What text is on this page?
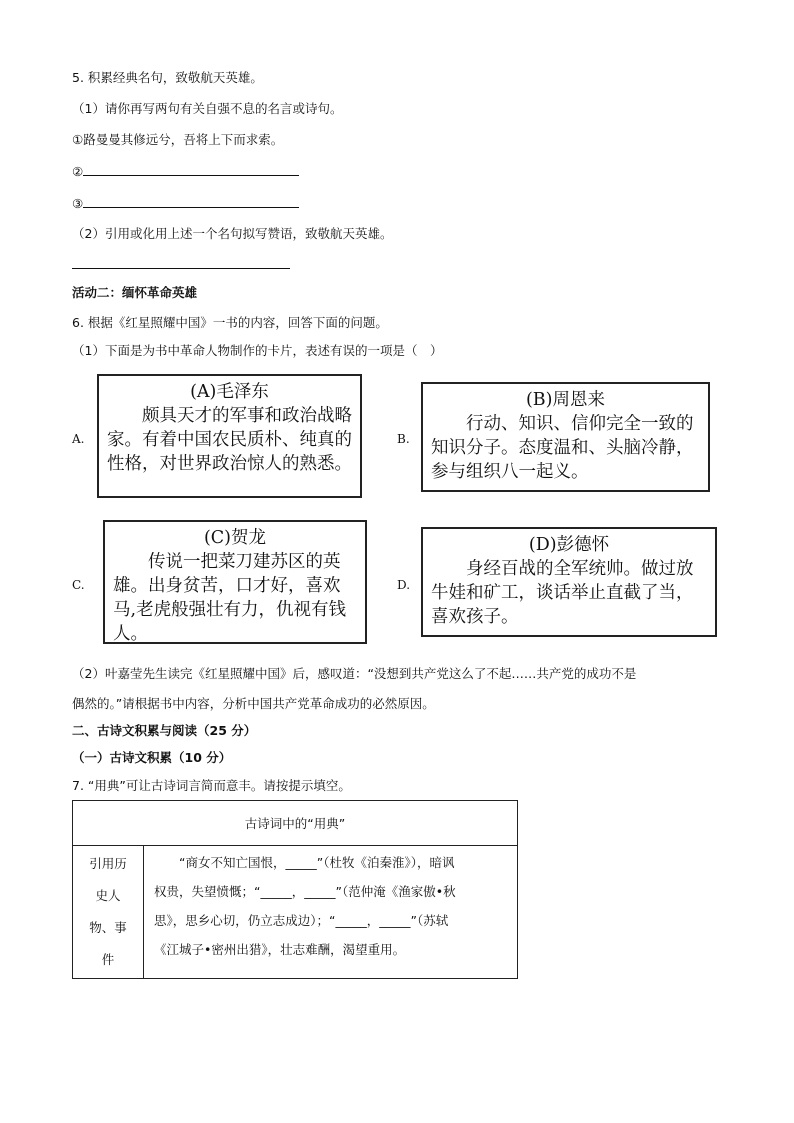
5. 积累经典名句，致敬航天英雄。
（1）请你再写两句有关自强不息的名言或诗句。
①路曼曼其修远兮，吾将上下而求索。
②
③
（2）引用或化用上述一个名句拟写赞语，致敬航天英雄。
活动二：缅怀革命英雄
6. 根据《红星照耀中国》一书的内容，回答下面的问题。
（1）下面是为书中革命人物制作的卡片，表述有误的一项是（　）
A.
(A)毛泽东
颇具天才的军事和政治战略家。有着中国农民质朴、纯真的性格，对世界政治惊人的熟悉。
B.
(B)周恩来
行动、知识、信仰完全一致的知识分子。态度温和、头脑冷静，参与组织八一起义。
C.
(C)贺龙
传说一把菜刀建苏区的英雄。出身贫苦，口才好，喜欢马,老虎般强壮有力，仇视有钱人。
D.
(D)彭德怀
身经百战的全军统帅。做过放牛娃和矿工，谈话举止直截了当，喜欢孩子。
（2）叶嘉莹先生读完《红星照耀中国》后，感叹道：“没想到共产党这么了不起……共产党的成功不是
偶然的。”请根据书中内容，分析中国共产党革命成功的必然原因。
二、古诗文积累与阅读（25 分）
（一）古诗文积累（10 分）
7. “用典”可让古诗词言简而意丰。请按提示填空。
古诗词中的“用典”

引用历
史人
物、事
件

“商女不知亡国恨，_____”（杜牧《泊秦淮》），暗讽
权贵，失望愤慨；“_____，_____”（范仲淹《渔家傲•秋
思》，思乡心切，仍立志成边）；“_____，_____”（苏轼
《江城子•密州出猎》，壮志难酬，渴望重用。
